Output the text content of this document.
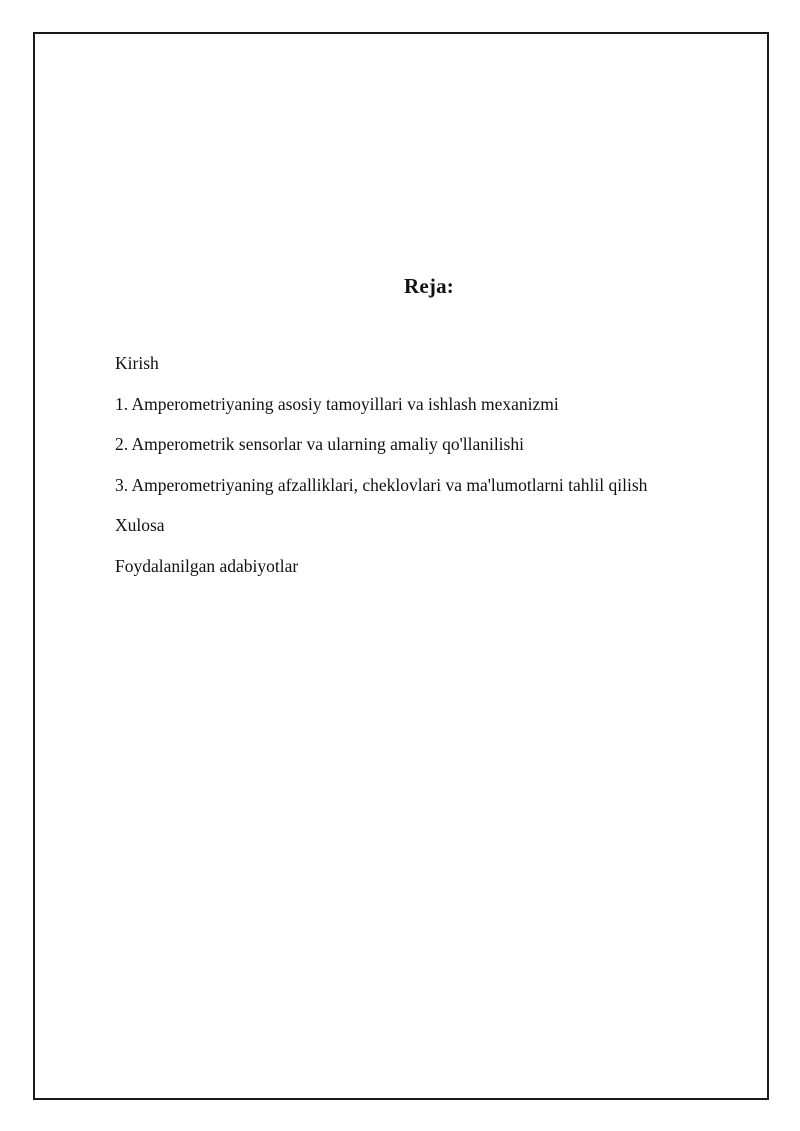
Reja:
Kirish
1. Amperometriyaning asosiy tamoyillari va ishlash mexanizmi
2. Amperometrik sensorlar va ularning amaliy qo'llanilishi
3. Amperometriyaning afzalliklari, cheklovlari va ma'lumotlarni tahlil qilish
Xulosa
Foydalanilgan adabiyotlar
